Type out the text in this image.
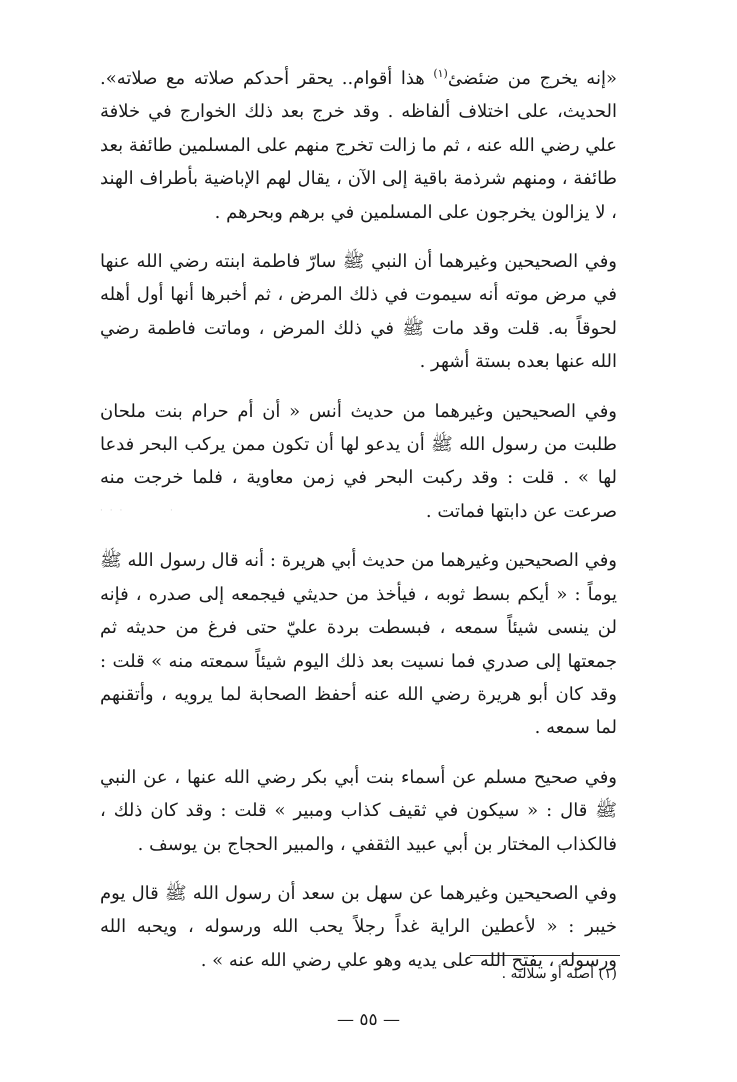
«إنه يخرج من ضئضئ$^{(١)}$ هذا أقوام.. يحقر أحدكم صلاته مع صلاته». الحديث، على اختلاف ألفاظه . وقد خرج بعد ذلك الخوارج في خلافة علي رضي الله عنه ، ثم ما زالت تخرج منهم على المسلمين طائفة بعد طائفة ، ومنهم شرذمة باقية إلى الآن ، يقال لهم الإباضية بأطراف الهند ، لا يزالون يخرجون على المسلمين في برهم وبحرهم .

وفي الصحيحين وغيرهما أن النبي ﷺ سارّ فاطمة ابنته رضي الله عنها في مرض موته أنه سيموت في ذلك المرض ، ثم أخبرها أنها أول أهله لحوقاً به. قلت وقد مات ﷺ في ذلك المرض ، وماتت فاطمة رضي الله عنها بعده بستة أشهر .

وفي الصحيحين وغيرهما من حديث أنس « أن أم حرام بنت ملحان طلبت من رسول الله ﷺ أن يدعو لها أن تكون ممن يركب البحر فدعا لها » . قلت : وقد ركبت البحر في زمن معاوية ، فلما خرجت منه صرعت عن دابتها فماتت .

وفي الصحيحين وغيرهما من حديث أبي هريرة : أنه قال رسول الله ﷺ يوماً : « أيكم بسط ثوبه ، فيأخذ من حديثي فيجمعه إلى صدره ، فإنه لن ينسى شيئاً سمعه ، فبسطت بردة عليّ حتى فرغ من حديثه ثم جمعتها إلى صدري فما نسيت بعد ذلك اليوم شيئاً سمعته منه » قلت : وقد كان أبو هريرة رضي الله عنه أحفظ الصحابة لما يرويه ، وأتقنهم لما سمعه .

وفي صحيح مسلم عن أسماء بنت أبي بكر رضي الله عنها ، عن النبي ﷺ قال : « سيكون في ثقيف كذاب ومبير » قلت : وقد كان ذلك ، فالكذاب المختار بن أبي عبيد الثقفي ، والمبير الحجاج بن يوسف .

وفي الصحيحين وغيرهما عن سهل بن سعد أن رسول الله ﷺ قال يوم خيبر : « لأعطين الراية غداً رجلاً يحب الله ورسوله ، ويحبه الله ورسوله ، يفتح الله على يديه وهو علي رضي الله عنه » .

· · ·	·
(١) أصله أو سلالته .
— ٥٥ —
